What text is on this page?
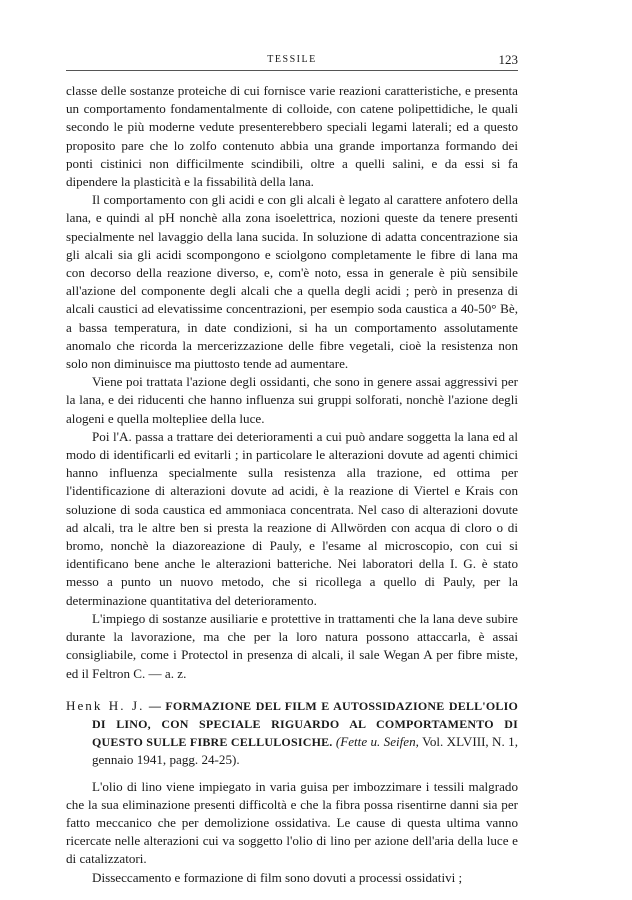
TESSILE	123

classe delle sostanze proteiche di cui fornisce varie reazioni caratteristiche, e presenta un comportamento fondamentalmente di colloide, con catene polipettidiche, le quali secondo le più moderne vedute presenterebbero speciali legami laterali; ed a questo proposito pare che lo zolfo contenuto abbia una grande importanza formando dei ponti cistinici non difficilmente scindibili, oltre a quelli salini, e da essi si fa dipendere la plasticità e la fissabilità della lana.

Il comportamento con gli acidi e con gli alcali è legato al carattere anfotero della lana, e quindi al pH nonchè alla zona isoelettrica, nozioni queste da tenere presenti specialmente nel lavaggio della lana sucida. In soluzione di adatta concentrazione sia gli alcali sia gli acidi scompongono e sciolgono completamente le fibre di lana ma con decorso della reazione diverso, e, com'è noto, essa in generale è più sensibile all'azione del componente degli alcali che a quella degli acidi ; però in presenza di alcali caustici ad elevatissime concentrazioni, per esempio soda caustica a 40-50° Bè, a bassa temperatura, in date condizioni, si ha un comportamento assolutamente anomalo che ricorda la mercerizzazione delle fibre vegetali, cioè la resistenza non solo non diminuisce ma piuttosto tende ad aumentare.

Viene poi trattata l'azione degli ossidanti, che sono in genere assai aggressivi per la lana, e dei riducenti che hanno influenza sui gruppi solforati, nonchè l'azione degli alogeni e quella moltepliee della luce.

Poi l'A. passa a trattare dei deterioramenti a cui può andare soggetta la lana ed al modo di identificarli ed evitarli ; in particolare le alterazioni dovute ad agenti chimici hanno influenza specialmente sulla resistenza alla trazione, ed ottima per l'identificazione di alterazioni dovute ad acidi, è la reazione di Viertel e Krais con soluzione di soda caustica ed ammoniaca concentrata. Nel caso di alterazioni dovute ad alcali, tra le altre ben si presta la reazione di Allwörden con acqua di cloro o di bromo, nonchè la diazoreazione di Pauly, e l'esame al microscopio, con cui si identificano bene anche le alterazioni batteriche. Nei laboratori della I. G. è stato messo a punto un nuovo metodo, che si ricollega a quello di Pauly, per la determinazione quantitativa del deterioramento.

L'impiego di sostanze ausiliarie e protettive in trattamenti che la lana deve subire durante la lavorazione, ma che per la loro natura possono attaccarla, è assai consigliabile, come i Protectol in presenza di alcali, il sale Wegan A per fibre miste, ed il Feltron C. — a. z.

Henk H. J. — FORMAZIONE DEL FILM E AUTOSSIDAZIONE DELL'OLIO DI LINO, CON SPECIALE RIGUARDO AL COMPORTAMENTO DI QUESTO SULLE FIBRE CELLULOSICHE. (Fette u. Seifen, Vol. XLVIII, N. 1, gennaio 1941, pagg. 24-25).

L'olio di lino viene impiegato in varia guisa per imbozzimare i tessili malgrado che la sua eliminazione presenti difficoltà e che la fibra possa risentirne danni sia per fatto meccanico che per demolizione ossidativa. Le cause di questa ultima vanno ricercate nelle alterazioni cui va soggetto l'olio di lino per azione dell'aria della luce e di catalizzatori.

Disseccamento e formazione di film sono dovuti a processi ossidativi ;
